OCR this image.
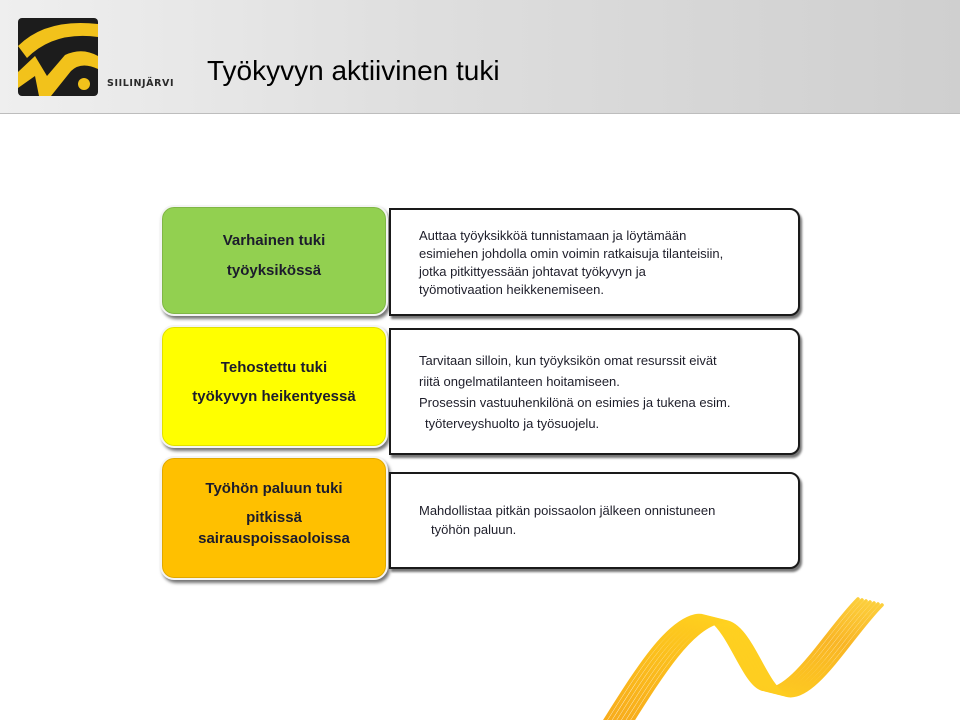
SIILINJÄRVI Työkyvyn aktiivinen tuki
Varhainen tuki
työyksikössä
Auttaa työyksikköä tunnistamaan ja löytämään
esimiehen johdolla omin voimin ratkaisuja tilanteisiin,
jotka pitkittyessään johtavat työkyvyn ja
työmotivaation heikkenemiseen.
Tehostettu tuki
työkyvyn heikentyessä
Tarvitaan silloin, kun työyksikön omat resurssit eivät
riitä ongelmatilanteen hoitamiseen.
Prosessin vastuuhenkilönä on esimies ja tukena esim.
työterveyshuolto ja työsuojelu.
Työhön paluun tuki
pitkissä
sairauspoissaoloissa
Mahdollistaa pitkän poissaolon jälkeen onnistuneen
työhön paluun.
